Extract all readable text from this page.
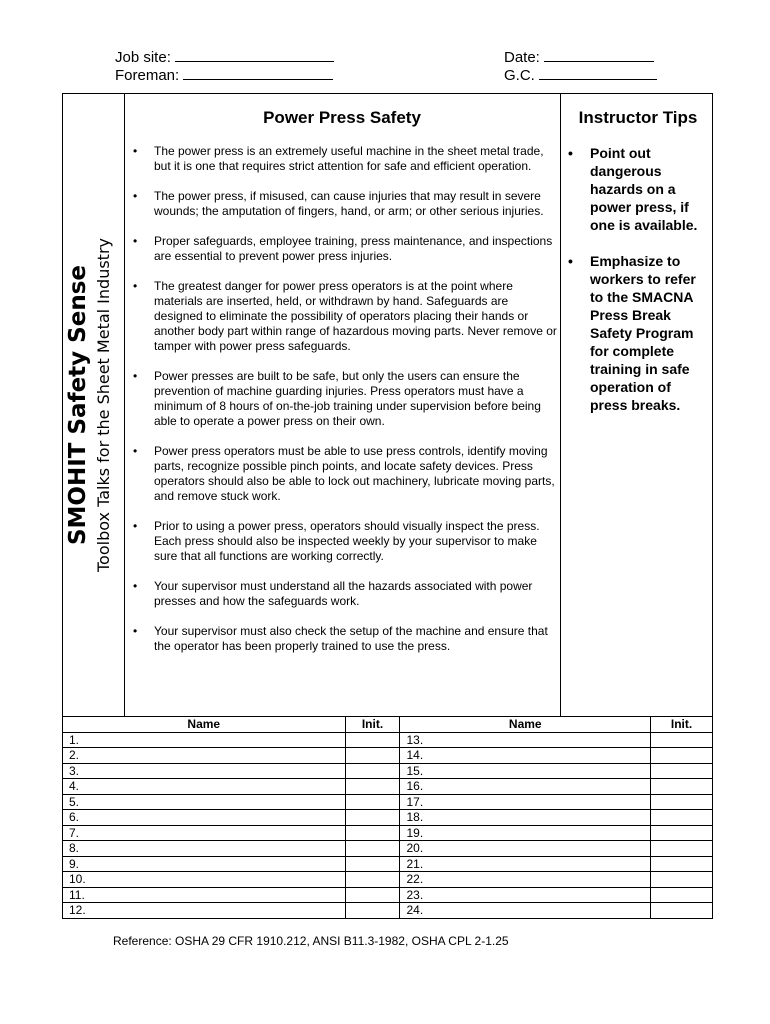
Job site:
Foreman:
Date:
G.C.
SMOHIT Safety Sense Toolbox Talks for the Sheet Metal Industry
Power Press Safety
• The power press is an extremely useful machine in the sheet metal trade, but it is one that requires strict attention for safe and efficient operation.
• The power press, if misused, can cause injuries that may result in severe wounds; the amputation of fingers, hand, or arm; or other serious injuries.
• Proper safeguards, employee training, press maintenance, and inspections are essential to prevent power press injuries.
• The greatest danger for power press operators is at the point where materials are inserted, held, or withdrawn by hand. Safeguards are designed to eliminate the possibility of operators placing their hands or another body part within range of hazardous moving parts. Never remove or tamper with power press safeguards.
• Power presses are built to be safe, but only the users can ensure the prevention of machine guarding injuries. Press operators must have a minimum of 8 hours of on-the-job training under supervision before being able to operate a power press on their own.
• Power press operators must be able to use press controls, identify moving parts, recognize possible pinch points, and locate safety devices. Press operators should also be able to lock out machinery, lubricate moving parts, and remove stuck work.
• Prior to using a power press, operators should visually inspect the press. Each press should also be inspected weekly by your supervisor to make sure that all functions are working correctly.
• Your supervisor must understand all the hazards associated with power presses and how the safeguards work.
• Your supervisor must also check the setup of the machine and ensure that the operator has been properly trained to use the press.
Instructor Tips
• Point out dangerous hazards on a power press, if one is available.
• Emphasize to workers to refer to the SMACNA Press Break Safety Program for complete training in safe operation of press breaks.
Name	Init.	Name	Init.
1.		13.	
2.		14.	
3.		15.	
4.		16.	
5.		17.	
6.		18.	
7.		19.	
8.		20.	
9.		21.	
10.		22.	
11.		23.	
12.		24.	
Reference: OSHA 29 CFR 1910.212, ANSI B11.3-1982, OSHA CPL 2-1.25
